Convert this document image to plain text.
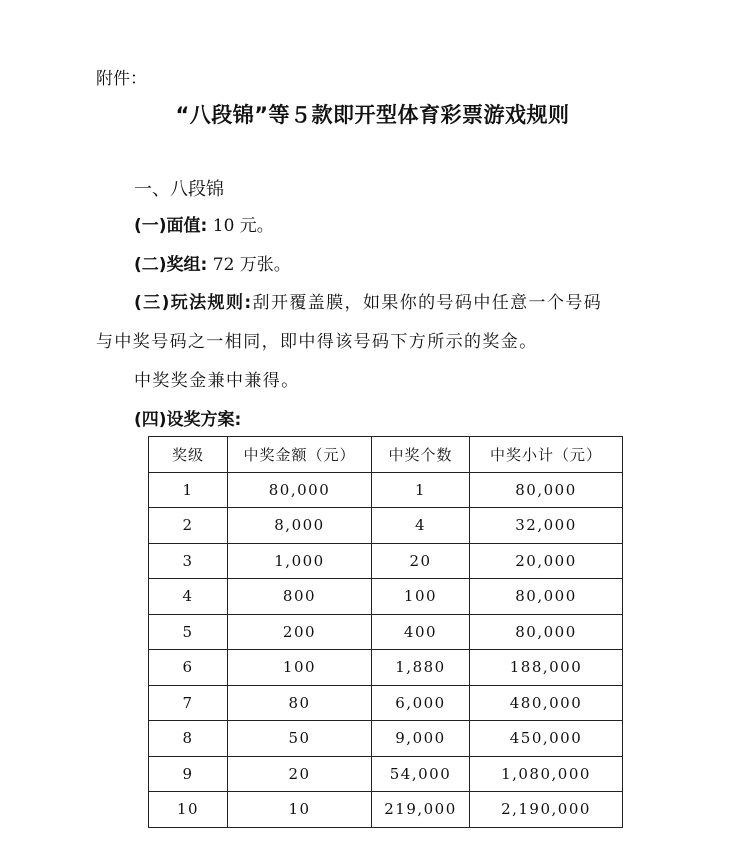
附件：
“八段锦”等５款即开型体育彩票游戏规则
一、八段锦
(一)面值: 10 元。
(二)奖组: 72 万张。
(三)玩法规则:刮开覆盖膜，如果你的号码中任意一个号码
与中奖号码之一相同，即中得该号码下方所示的奖金。
中奖奖金兼中兼得。
(四)设奖方案:
奖级	中奖金额（元）	中奖个数	中奖小计（元）
1	80,000	1	80,000
2	8,000	4	32,000
3	1,000	20	20,000
4	800	100	80,000
5	200	400	80,000
6	100	1,880	188,000
7	80	6,000	480,000
8	50	9,000	450,000
9	20	54,000	1,080,000
10	10	219,000	2,190,000
